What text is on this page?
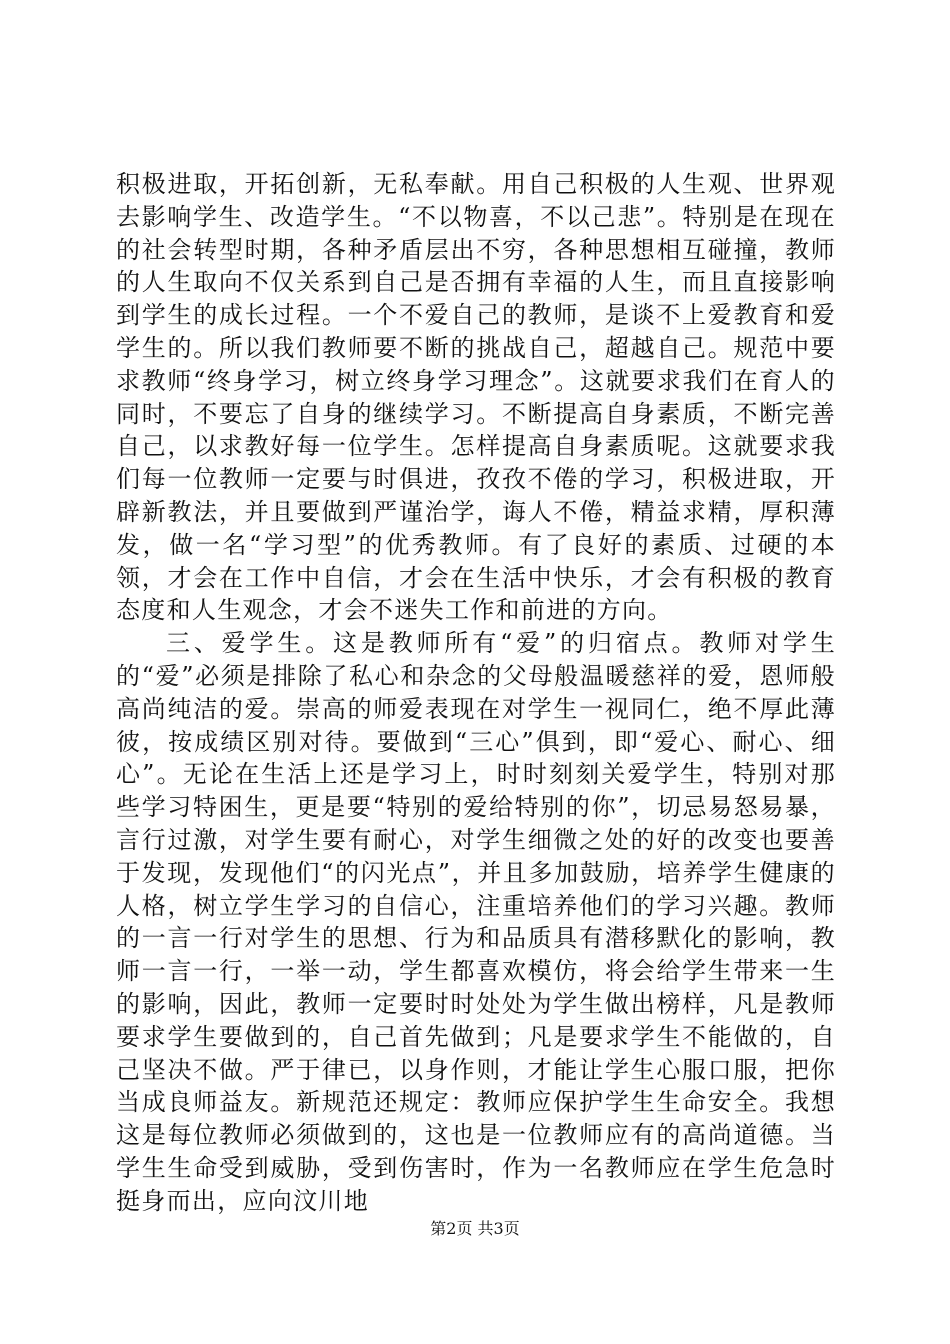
积极进取，开拓创新，无私奉献。用自己积极的人生观、世界观去影响学生、改造学生。“不以物喜，不以己悲”。特别是在现在的社会转型时期，各种矛盾层出不穷，各种思想相互碰撞，教师的人生取向不仅关系到自己是否拥有幸福的人生，而且直接影响到学生的成长过程。一个不爱自己的教师，是谈不上爱教育和爱学生的。所以我们教师要不断的挑战自己，超越自己。规范中要求教师“终身学习，树立终身学习理念”。这就要求我们在育人的同时，不要忘了自身的继续学习。不断提高自身素质，不断完善自己，以求教好每一位学生。怎样提高自身素质呢。这就要求我们每一位教师一定要与时俱进，孜孜不倦的学习，积极进取，开辟新教法，并且要做到严谨治学，诲人不倦，精益求精，厚积薄发，做一名“学习型”的优秀教师。有了良好的素质、过硬的本领，才会在工作中自信，才会在生活中快乐，才会有积极的教育态度和人生观念，才会不迷失工作和前进的方向。

三、爱学生。这是教师所有“爱”的归宿点。教师对学生的“爱”必须是排除了私心和杂念的父母般温暖慈祥的爱，恩师般高尚纯洁的爱。崇高的师爱表现在对学生一视同仁，绝不厚此薄彼，按成绩区别对待。要做到“三心”俱到，即“爱心、耐心、细心”。无论在生活上还是学习上，时时刻刻关爱学生，特别对那些学习特困生，更是要“特别的爱给特别的你”，切忌易怒易暴，言行过激，对学生要有耐心，对学生细微之处的好的改变也要善于发现，发现他们“的闪光点”，并且多加鼓励，培养学生健康的人格，树立学生学习的自信心，注重培养他们的学习兴趣。教师的一言一行对学生的思想、行为和品质具有潜移默化的影响，教师一言一行，一举一动，学生都喜欢模仿，将会给学生带来一生的影响，因此，教师一定要时时处处为学生做出榜样，凡是教师要求学生要做到的，自己首先做到；凡是要求学生不能做的，自己坚决不做。严于律已，以身作则，才能让学生心服口服，把你当成良师益友。新规范还规定：教师应保护学生生命安全。我想这是每位教师必须做到的，这也是一位教师应有的高尚道德。当学生生命受到威胁，受到伤害时，作为一名教师应在学生危急时挺身而出，应向汶川地

第2页 共3页
